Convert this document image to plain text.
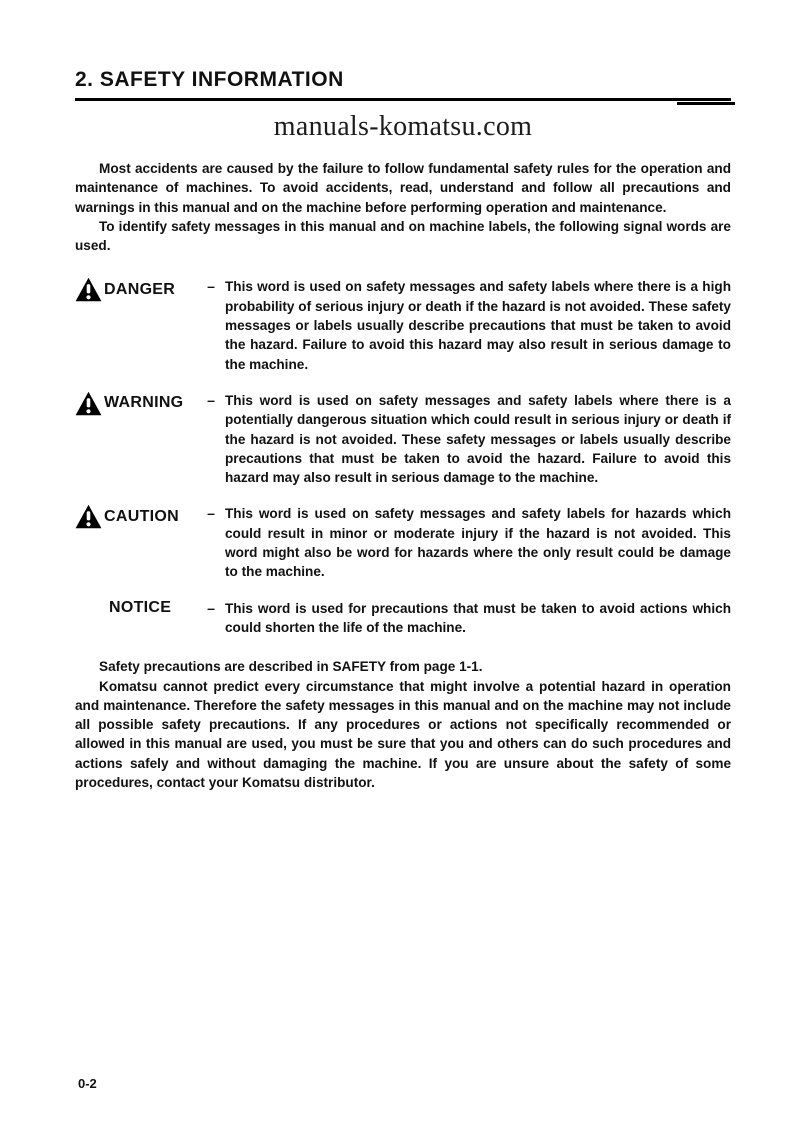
2. SAFETY INFORMATION
manuals-komatsu.com

Most accidents are caused by the failure to follow fundamental safety rules for the operation and maintenance of machines. To avoid accidents, read, understand and follow all precautions and warnings in this manual and on the machine before performing operation and maintenance.

To identify safety messages in this manual and on machine labels, the following signal words are used.

DANGER	– This word is used on safety messages and safety labels where there is a high probability of serious injury or death if the hazard is not avoided. These safety messages or labels usually describe precautions that must be taken to avoid the hazard. Failure to avoid this hazard may also result in serious damage to the machine.

WARNING	– This word is used on safety messages and safety labels where there is a potentially dangerous situation which could result in serious injury or death if the hazard is not avoided. These safety messages or labels usually describe precautions that must be taken to avoid the hazard. Failure to avoid this hazard may also result in serious damage to the machine.

CAUTION	– This word is used on safety messages and safety labels for hazards which could result in minor or moderate injury if the hazard is not avoided. This word might also be word for hazards where the only result could be damage to the machine.

NOTICE	– This word is used for precautions that must be taken to avoid actions which could shorten the life of the machine.

Safety precautions are described in SAFETY from page 1-1.

Komatsu cannot predict every circumstance that might involve a potential hazard in operation and maintenance. Therefore the safety messages in this manual and on the machine may not include all possible safety precautions. If any procedures or actions not specifically recommended or allowed in this manual are used, you must be sure that you and others can do such procedures and actions safely and without damaging the machine. If you are unsure about the safety of some procedures, contact your Komatsu distributor.

0-2
